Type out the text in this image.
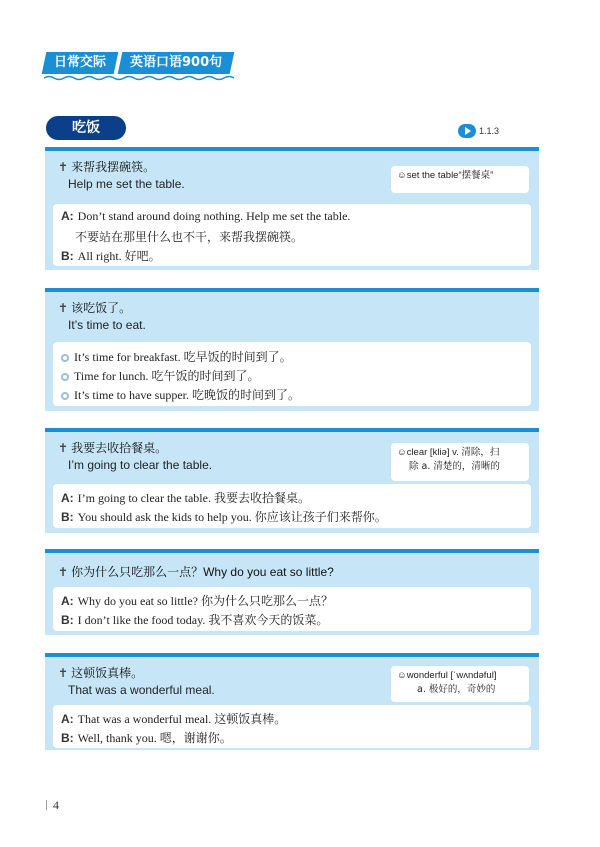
日常交际	英语口语900句
吃饭	1.1.3
✝ 来帮我摆碗筷。
Help me set the table.
☺set the table“摆餐桌”
A: Don’t stand around doing nothing. Help me set the table.
不要站在那里什么也不干，来帮我摆碗筷。
B: All right. 好吧。
✝ 该吃饭了。
It’s time to eat.
It’s time for breakfast. 吃早饭的时间到了。
Time for lunch. 吃午饭的时间到了。
It’s time to have supper. 吃晚饭的时间到了。
✝ 我要去收拾餐桌。
I’m going to clear the table.
☺clear [kliə] v. 清除，扫
除 a. 清楚的，清晰的
A: I’m going to clear the table. 我要去收拾餐桌。
B: You should ask the kids to help you. 你应该让孩子们来帮你。
✝ 你为什么只吃那么一点？Why do you eat so little?
A: Why do you eat so little? 你为什么只吃那么一点？
B: I don’t like the food today. 我不喜欢今天的饭菜。
✝ 这顿饭真棒。
That was a wonderful meal.
☺wonderful [ˈwʌndəful]
a. 极好的，奇妙的
A: That was a wonderful meal. 这顿饭真棒。
B: Well, thank you. 嗯，谢谢你。
4
